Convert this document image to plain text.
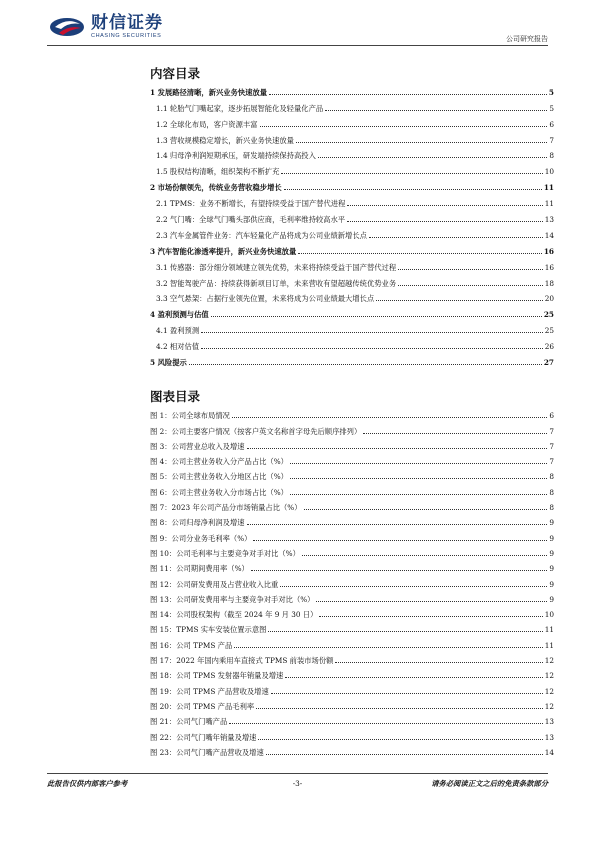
财信证券
CHASING SECURITIES	公司研究报告
内容目录
1 发展路径清晰，新兴业务快速放量	5
1.1 轮胎气门嘴起家，逐步拓展智能化及轻量化产品	5
1.2 全球化布局，客户资源丰富	6
1.3 营收规模稳定增长，新兴业务快速放量	7
1.4 归母净利润短期承压，研发端持续保持高投入	8
1.5 股权结构清晰，组织架构不断扩充	10
2 市场份额领先，传统业务营收稳步增长	11
2.1 TPMS：业务不断增长，有望持续受益于国产替代进程	11
2.2 气门嘴：全球气门嘴头部供应商，毛利率维持较高水平	13
2.3 汽车金属管件业务：汽车轻量化产品将成为公司业绩新增长点	14
3 汽车智能化渗透率提升，新兴业务快速放量	16
3.1 传感器：部分细分领域建立领先优势，未来将持续受益于国产替代过程	16
3.2 智能驾驶产品：持续获得新项目订单，未来营收有望超越传统优势业务	18
3.3 空气悬架：占据行业领先位置，未来将成为公司业绩最大增长点	20
4 盈利预测与估值	25
4.1 盈利预测	25
4.2 相对估值	26
5 风险提示	27
图表目录
图 1：公司全球布局情况	6
图 2：公司主要客户情况（按客户英文名称首字母先后顺序排列）	7
图 3：公司营业总收入及增速	7
图 4：公司主营业务收入分产品占比（%）	7
图 5：公司主营业务收入分地区占比（%）	8
图 6：公司主营业务收入分市场占比（%）	8
图 7：2023 年公司产品分市场销量占比（%）	8
图 8：公司归母净利润及增速	9
图 9：公司分业务毛利率（%）	9
图 10：公司毛利率与主要竞争对手对比（%）	9
图 11：公司期间费用率（%）	9
图 12：公司研发费用及占营业收入比重	9
图 13：公司研发费用率与主要竞争对手对比（%）	9
图 14：公司股权架构（截至 2024 年 9 月 30 日）	10
图 15：TPMS 实车安装位置示意图	11
图 16：公司 TPMS 产品	11
图 17：2022 年国内乘用车直接式 TPMS 前装市场份额	12
图 18：公司 TPMS 发射器年销量及增速	12
图 19：公司 TPMS 产品营收及增速	12
图 20：公司 TPMS 产品毛利率	12
图 21：公司气门嘴产品	13
图 22：公司气门嘴年销量及增速	13
图 23：公司气门嘴产品营收及增速	14
此报告仅供内部客户参考	-3-	请务必阅读正文之后的免责条款部分
